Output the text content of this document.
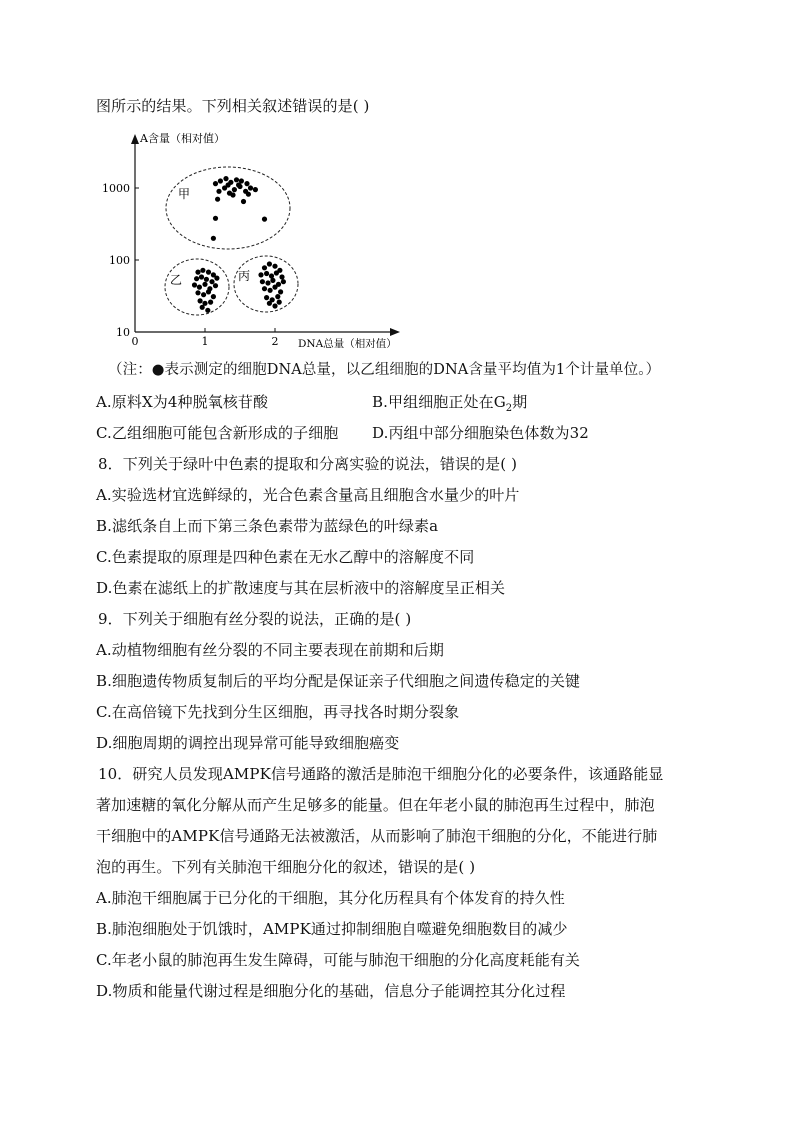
图所示的结果。下列相关叙述错误的是( )
A含量（相对值）
DNA总量（相对值）
10
100
1000
0	1	2
甲
乙	丙
（注：●表示测定的细胞DNA总量，以乙组细胞的DNA含量平均值为1个计量单位。）
A.原料X为4种脱氧核苷酸	B.甲组细胞正处在$G_2$期
C.乙组细胞可能包含新形成的子细胞 D.丙组中部分细胞染色体数为32
8．下列关于绿叶中色素的提取和分离实验的说法，错误的是( )
A.实验选材宜选鲜绿的，光合色素含量高且细胞含水量少的叶片
B.滤纸条自上而下第三条色素带为蓝绿色的叶绿素a
C.色素提取的原理是四种色素在无水乙醇中的溶解度不同
D.色素在滤纸上的扩散速度与其在层析液中的溶解度呈正相关
9．下列关于细胞有丝分裂的说法，正确的是( )
A.动植物细胞有丝分裂的不同主要表现在前期和后期
B.细胞遗传物质复制后的平均分配是保证亲子代细胞之间遗传稳定的关键
C.在高倍镜下先找到分生区细胞，再寻找各时期分裂象
D.细胞周期的调控出现异常可能导致细胞癌变
10．研究人员发现AMPK信号通路的激活是肺泡干细胞分化的必要条件，该通路能显
著加速糖的氧化分解从而产生足够多的能量。但在年老小鼠的肺泡再生过程中，肺泡
干细胞中的AMPK信号通路无法被激活，从而影响了肺泡干细胞的分化，不能进行肺
泡的再生。下列有关肺泡干细胞分化的叙述，错误的是( )
A.肺泡干细胞属于已分化的干细胞，其分化历程具有个体发育的持久性
B.肺泡细胞处于饥饿时，AMPK通过抑制细胞自噬避免细胞数目的减少
C.年老小鼠的肺泡再生发生障碍，可能与肺泡干细胞的分化高度耗能有关
D.物质和能量代谢过程是细胞分化的基础，信息分子能调控其分化过程
